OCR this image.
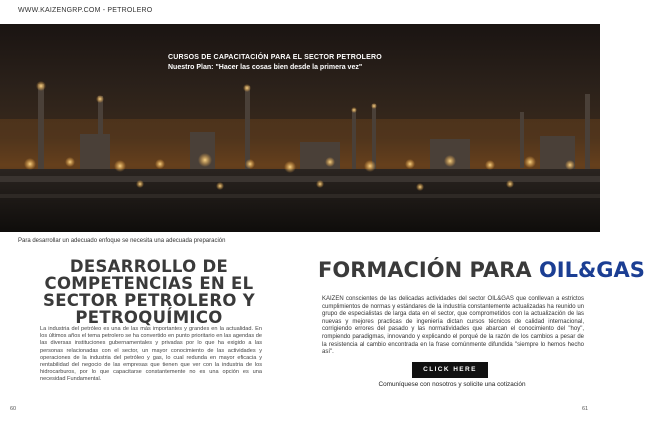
WWW.KAIZENGRP.COM - PETROLERO
CURSOS DE CAPACITACIÓN PARA EL SECTOR PETROLERO
Nuestro Plan: "Hacer las cosas bien desde la primera vez"
Para desarrollar un adecuado enfoque se necesita una adecuada preparación
DESARROLLO DE COMPETENCIAS EN EL SECTOR PETROLERO Y PETROQUÍMICO

La industria del petróleo es una de las más importantes y grandes en la actualidad. En los últimos años el tema petrolero se ha convertido en punto prioritario en las agendas de las diversas instituciones gubernamentales y privadas por lo que ha exigido a las personas relacionadas con el sector, un mayor conocimiento de las actividades y operaciones de la industria del petróleo y gas, lo cual redunda en mayor eficacia y rentabilidad del negocio de las empresas que tienen que ver con la industria de los hidrocarburos, por lo que capacitarse constantemente no es una opción es una necesidad Fundamental.

FORMACIÓN PARA OIL&GAS

KAIZEN conscientes de las delicadas actividades del sector OIL&GAS que conllevan a estrictos cumplimientos de normas y estándares de la industria constantemente actualizadas ha reunido un grupo de especialistas de larga data en el sector, que comprometidos con la actualización de las nuevas y mejores practicas de ingeniería dictan cursos técnicos de calidad internacional, corrigiendo errores del pasado y las normatividades que abarcan el conocimiento del "hoy", rompiendo paradigmas, innovando y explicando el porqué de la razón de los cambios a pesar de la resistencia al cambio encontrada en la frase comúnmente difundida "siempre lo hemos hecho así".

CLICK HERE
Comuníquese con nosotros y solicite una cotización
60	61
